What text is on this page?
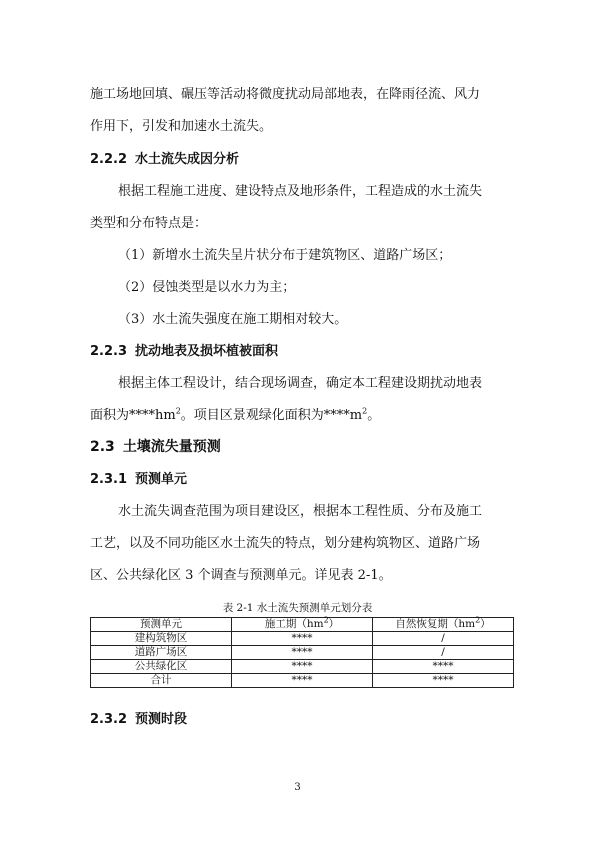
施工场地回填、碾压等活动将微度扰动局部地表，在降雨径流、风力
作用下，引发和加速水土流失。
2.2.2 水土流失成因分析
根据工程施工进度、建设特点及地形条件，工程造成的水土流失
类型和分布特点是：
（1）新增水土流失呈片状分布于建筑物区、道路广场区；
（2）侵蚀类型是以水力为主；
（3）水土流失强度在施工期相对较大。
2.2.3 扰动地表及损坏植被面积
根据主体工程设计，结合现场调查，确定本工程建设期扰动地表
面积为$****hm^2$。项目区景观绿化面积为$****m^2$。
2.3 土壤流失量预测
2.3.1 预测单元
水土流失调查范围为项目建设区，根据本工程性质、分布及施工
工艺，以及不同功能区水土流失的特点，划分建构筑物区、道路广场
区、公共绿化区 3 个调查与预测单元。详见表 2-1。
表 2-1 水土流失预测单元划分表
预测单元	施工期$(hm^2)$	自然恢复期$(hm^2)$
建构筑物区	****	/
道路广场区	****	/
公共绿化区	****	****
合计	****	****
2.3.2 预测时段
3
